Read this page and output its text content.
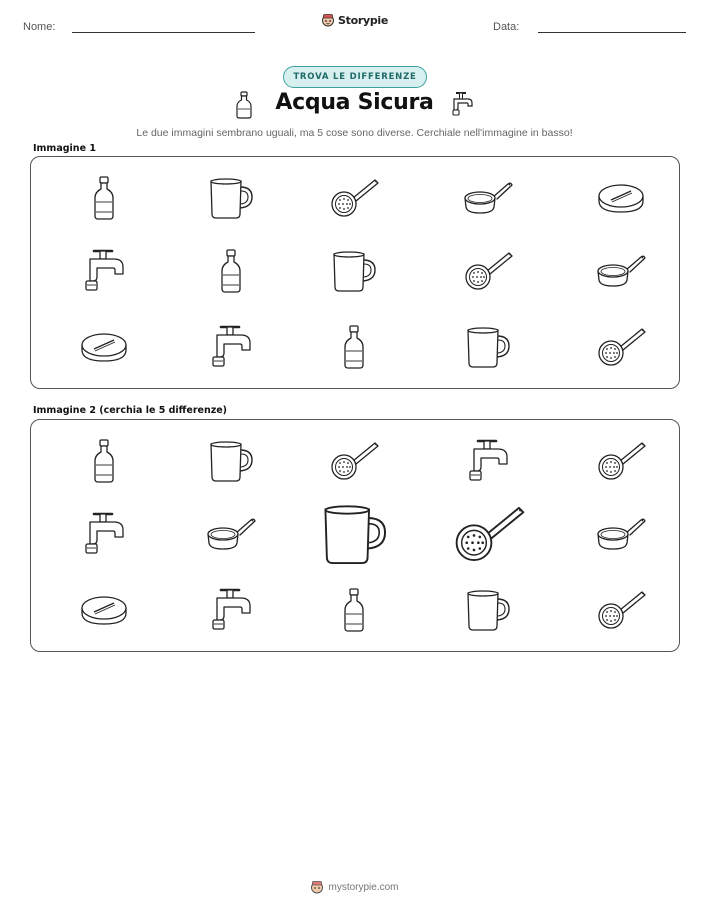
Nome:
Storypie
Data:
TROVA LE DIFFERENZE
Acqua Sicura
Le due immagini sembrano uguali, ma 5 cose sono diverse. Cerchiale nell'immagine in basso!
Immagine 1
Immagine 2 (cerchia le 5 differenze)
mystorypie.com
